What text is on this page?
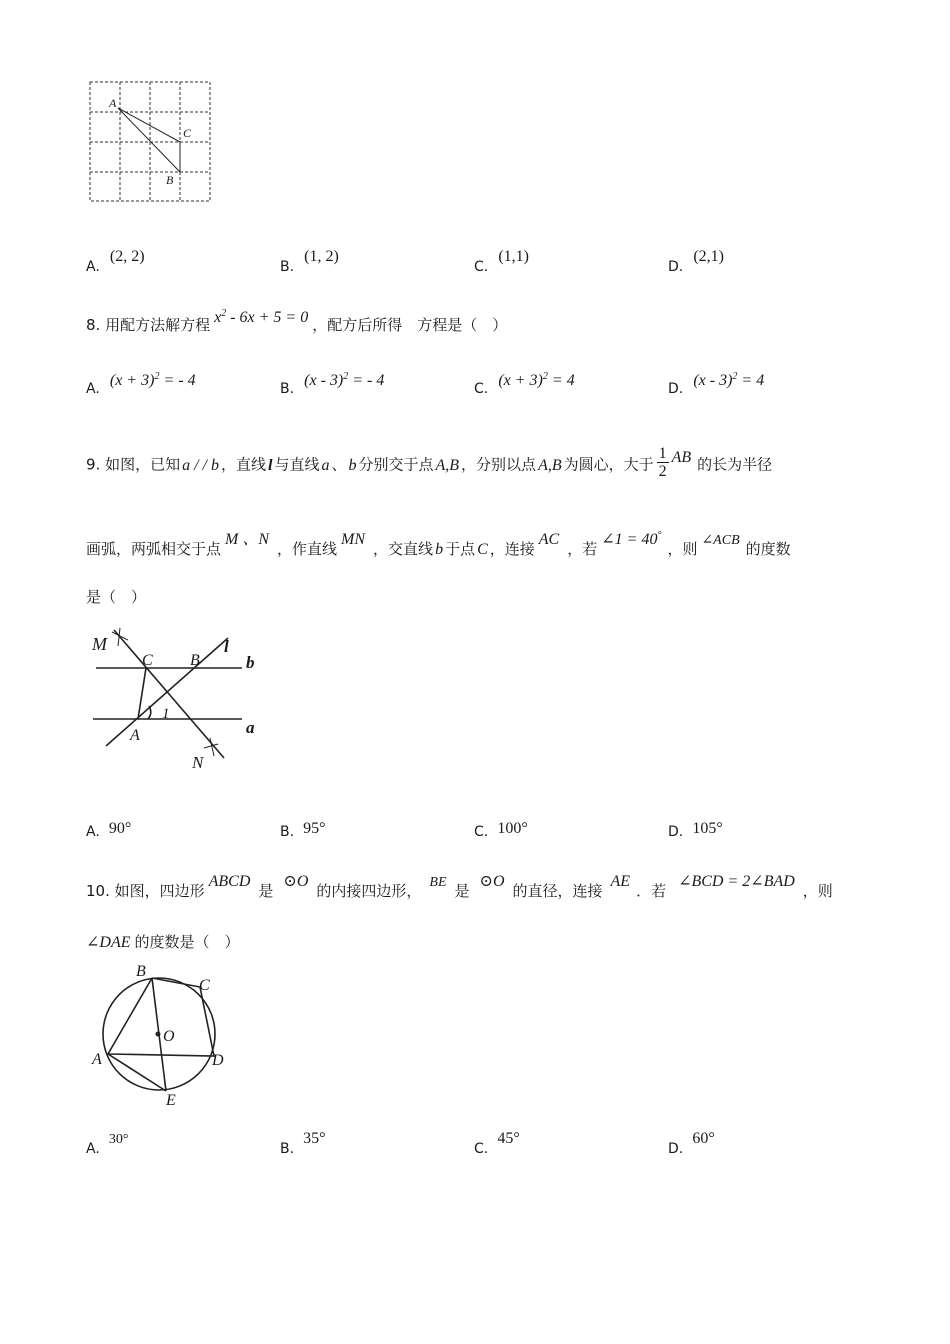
A
C
B
A. (2, 2)
B. (1, 2)
C. (1,1)
D. (2,1)
8. 用配方法解方程 $x^2 - 6x + 5 = 0$ ，配方后所得　方程是（　）
A. $(x + 3)^2$ = - 4	B. (x - 3)$^2$ = - 4	C. $(x + 3)^2 = 4$	D. (x - 3)$^2$ = 4
9. 如图，已知 a / / b ，直线 l 与直线 a 、 b 分别交于点 A,B ，分别以点 A,B 为圆心，大于 $\frac{1}{2}$ AB 的长为半径
画弧，两弧相交于点M 、N，作直线MN，交直线 b 于点 C ，连接AC，若∠1 = 40°，则 ∠ACB 的度数
是（　）
M
C B
l
b
1
A	a
N
A. 90°	B. 95°	C. 100°	D. 105°
10. 如图，四边形ABCD是⊙O的内接四边形， BE 是⊙O的直径，连接AE．若∠BCD = 2∠BAD，则
∠DAE 的度数是（　）
B
C
O
A	D
E
A. 30°
B. 35°
C. 45°
D. 60°
